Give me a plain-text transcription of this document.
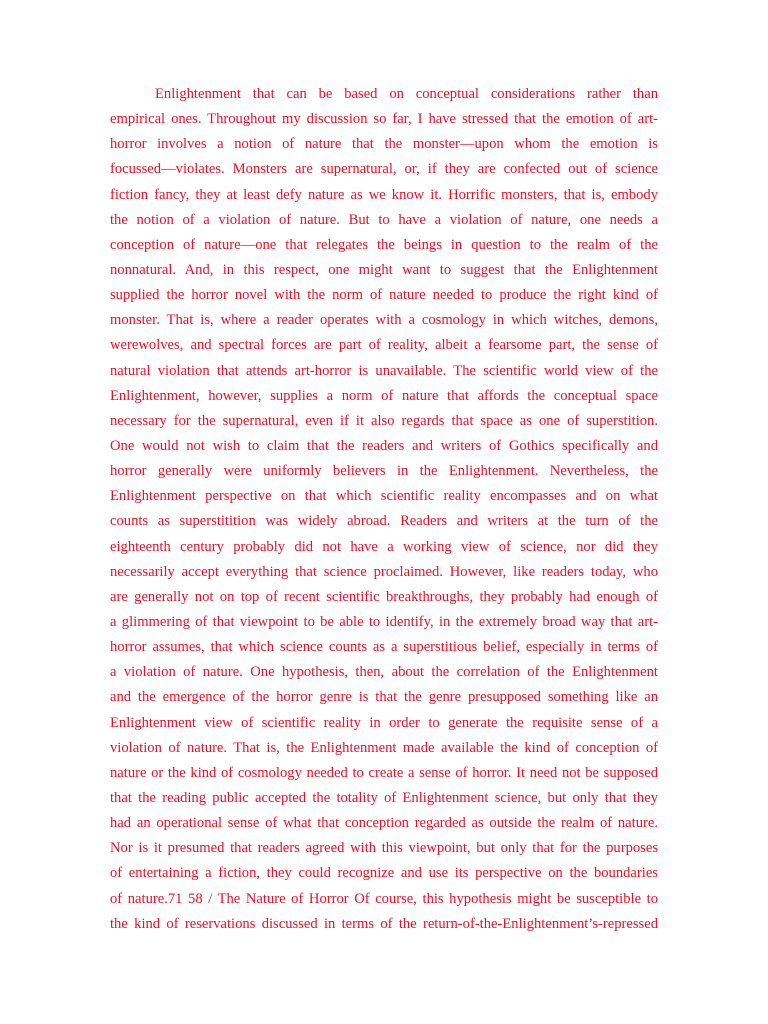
Enlightenment that can be based on conceptual considerations rather than
empirical ones. Throughout my discussion so far, I have stressed that the emotion of art-
horror involves a notion of nature that the monster—upon whom the emotion is
focussed—violates. Monsters are supernatural, or, if they are confected out of science
fiction fancy, they at least defy nature as we know it. Horrific monsters, that is, embody
the notion of a violation of nature. But to have a violation of nature, one needs a
conception of nature—one that relegates the beings in question to the realm of the
nonnatural. And, in this respect, one might want to suggest that the Enlightenment
supplied the horror novel with the norm of nature needed to produce the right kind of
monster. That is, where a reader operates with a cosmology in which witches, demons,
werewolves, and spectral forces are part of reality, albeit a fearsome part, the sense of
natural violation that attends art-horror is unavailable. The scientific world view of the
Enlightenment, however, supplies a norm of nature that affords the conceptual space
necessary for the supernatural, even if it also regards that space as one of superstition.
One would not wish to claim that the readers and writers of Gothics specifically and
horror generally were uniformly believers in the Enlightenment. Nevertheless, the
Enlightenment perspective on that which scientific reality encompasses and on what
counts as superstitition was widely abroad. Readers and writers at the turn of the
eighteenth century probably did not have a working view of science, nor did they
necessarily accept everything that science proclaimed. However, like readers today, who
are generally not on top of recent scientific breakthroughs, they probably had enough of
a glimmering of that viewpoint to be able to identify, in the extremely broad way that art-
horror assumes, that which science counts as a superstitious belief, especially in terms of
a violation of nature. One hypothesis, then, about the correlation of the Enlightenment
and the emergence of the horror genre is that the genre presupposed something like an
Enlightenment view of scientific reality in order to generate the requisite sense of a
violation of nature. That is, the Enlightenment made available the kind of conception of
nature or the kind of cosmology needed to create a sense of horror. It need not be supposed
that the reading public accepted the totality of Enlightenment science, but only that they
had an operational sense of what that conception regarded as outside the realm of nature.
Nor is it presumed that readers agreed with this viewpoint, but only that for the purposes
of entertaining a fiction, they could recognize and use its perspective on the boundaries
of nature.71 58 / The Nature of Horror Of course, this hypothesis might be susceptible to
the kind of reservations discussed in terms of the return-of-the-Enlightenment’s-repressed
